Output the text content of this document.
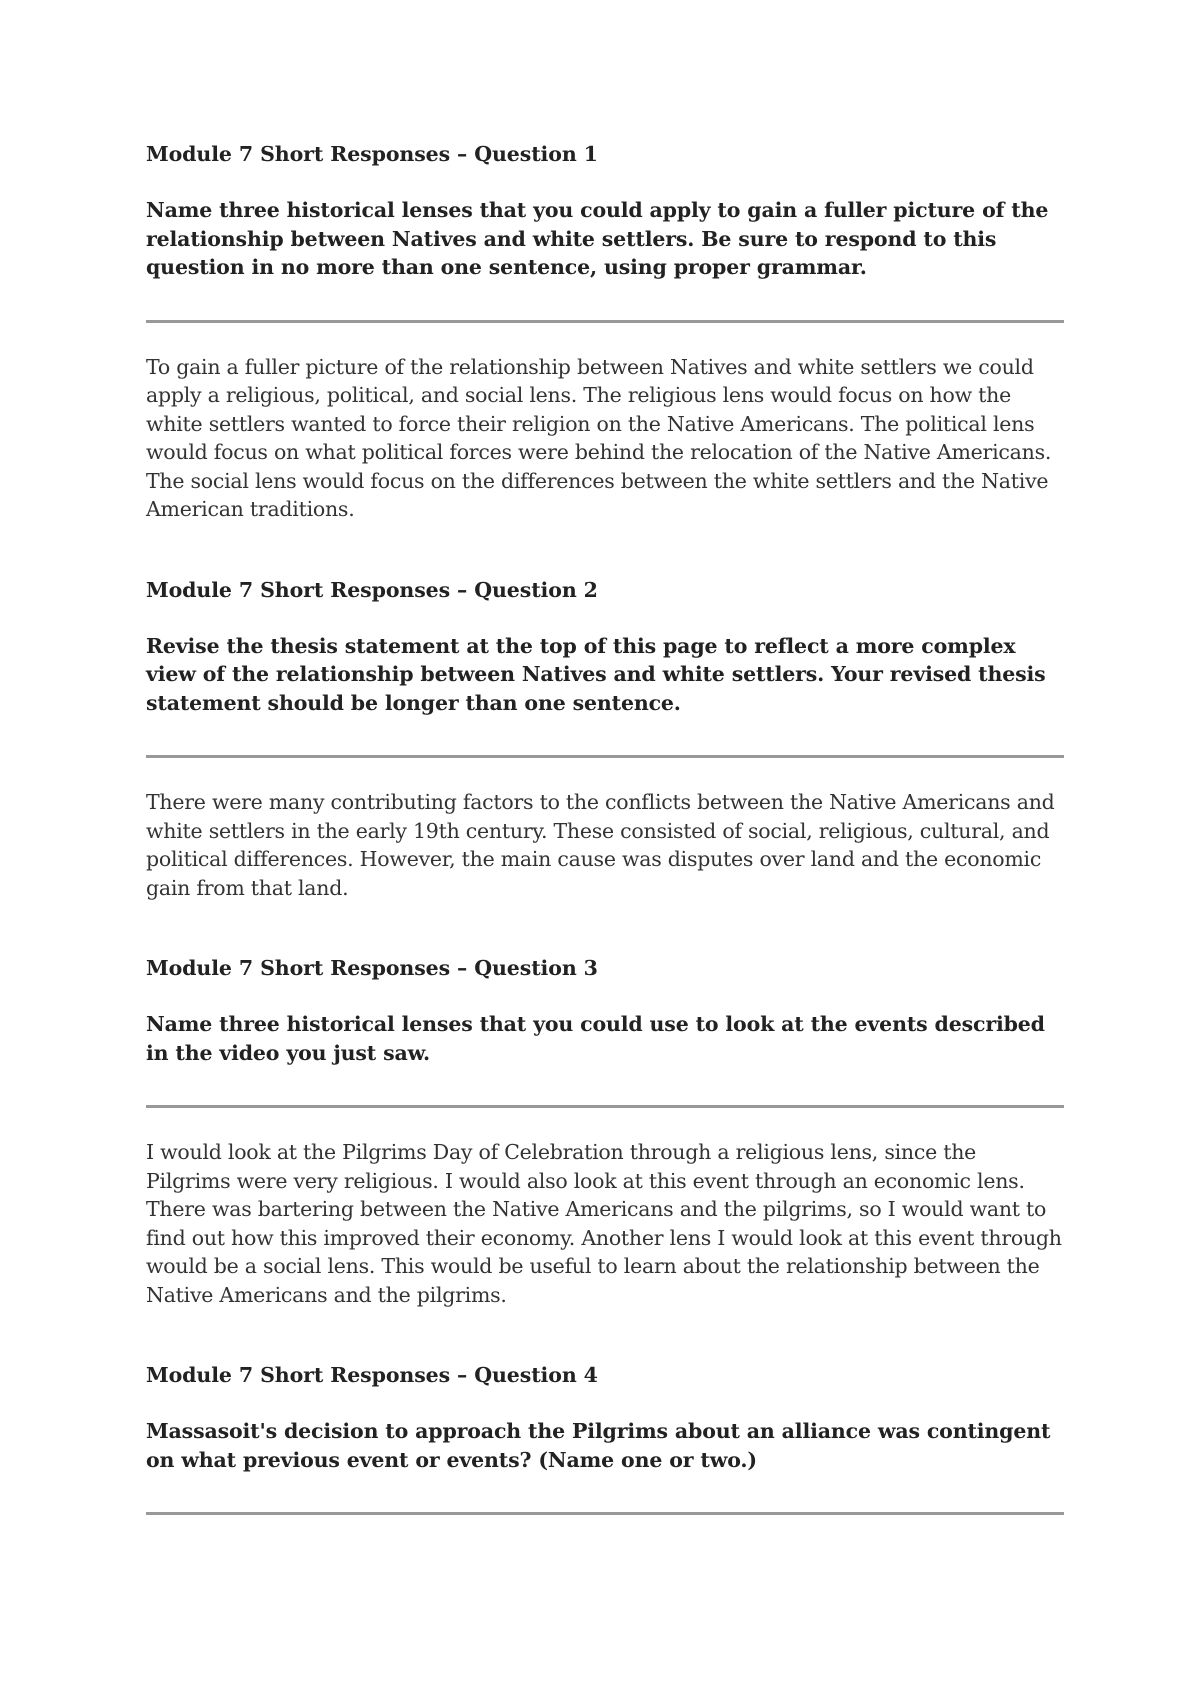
Module 7 Short Responses – Question 1

Name three historical lenses that you could apply to gain a fuller picture of the relationship between Natives and white settlers. Be sure to respond to this question in no more than one sentence, using proper grammar.

To gain a fuller picture of the relationship between Natives and white settlers we could apply a religious, political, and social lens. The religious lens would focus on how the white settlers wanted to force their religion on the Native Americans. The political lens would focus on what political forces were behind the relocation of the Native Americans. The social lens would focus on the differences between the white settlers and the Native American traditions.

Module 7 Short Responses – Question 2

Revise the thesis statement at the top of this page to reflect a more complex view of the relationship between Natives and white settlers. Your revised thesis statement should be longer than one sentence.

There were many contributing factors to the conflicts between the Native Americans and white settlers in the early 19th century. These consisted of social, religious, cultural, and political differences. However, the main cause was disputes over land and the economic gain from that land.

Module 7 Short Responses – Question 3

Name three historical lenses that you could use to look at the events described in the video you just saw.

I would look at the Pilgrims Day of Celebration through a religious lens, since the Pilgrims were very religious. I would also look at this event through an economic lens. There was bartering between the Native Americans and the pilgrims, so I would want to find out how this improved their economy. Another lens I would look at this event through would be a social lens. This would be useful to learn about the relationship between the Native Americans and the pilgrims.

Module 7 Short Responses – Question 4

Massasoit's decision to approach the Pilgrims about an alliance was contingent on what previous event or events? (Name one or two.)
